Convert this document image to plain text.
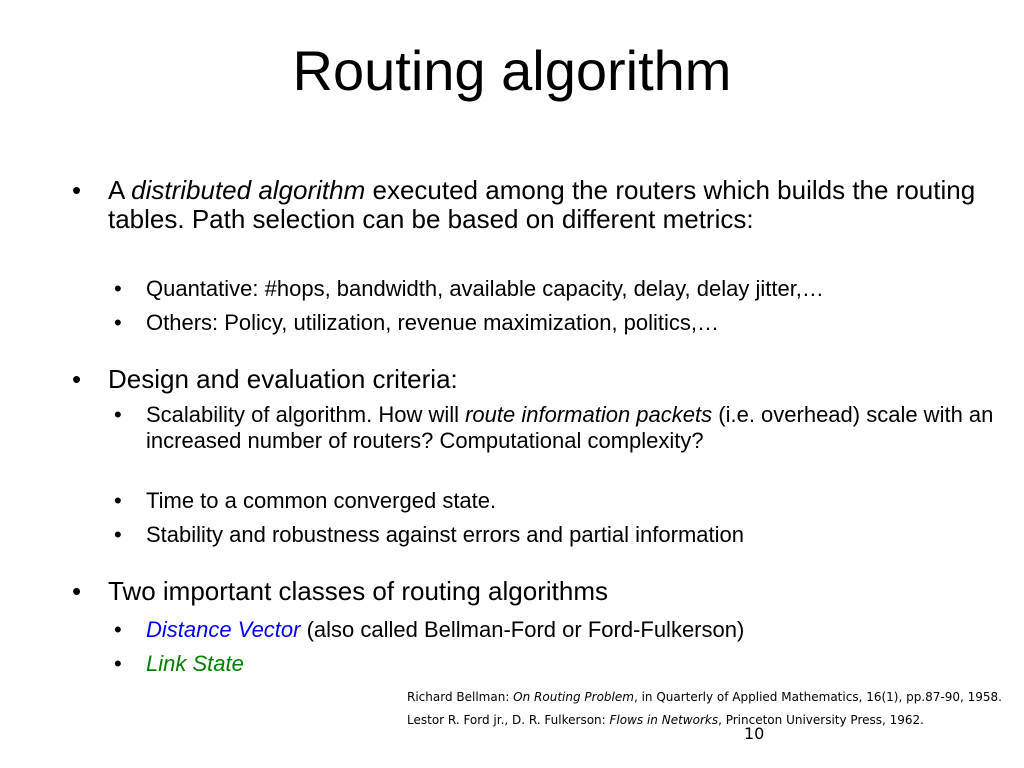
Routing algorithm
• A distributed algorithm executed among the routers which builds the routing tables. Path selection can be based on different metrics:
• Quantative: #hops, bandwidth, available capacity, delay, delay jitter,…
• Others: Policy, utilization, revenue maximization, politics,…
• Design and evaluation criteria:
• Scalability of algorithm. How will route information packets (i.e. overhead) scale with an increased number of routers? Computational complexity?
• Time to a common converged state.
• Stability and robustness against errors and partial information
• Two important classes of routing algorithms
• Distance Vector (also called Bellman-Ford or Ford-Fulkerson)
• Link State
Richard Bellman: On Routing Problem, in Quarterly of Applied Mathematics, 16(1), pp.87-90, 1958.
Lestor R. Ford jr., D. R. Fulkerson: Flows in Networks, Princeton University Press, 1962.
10
